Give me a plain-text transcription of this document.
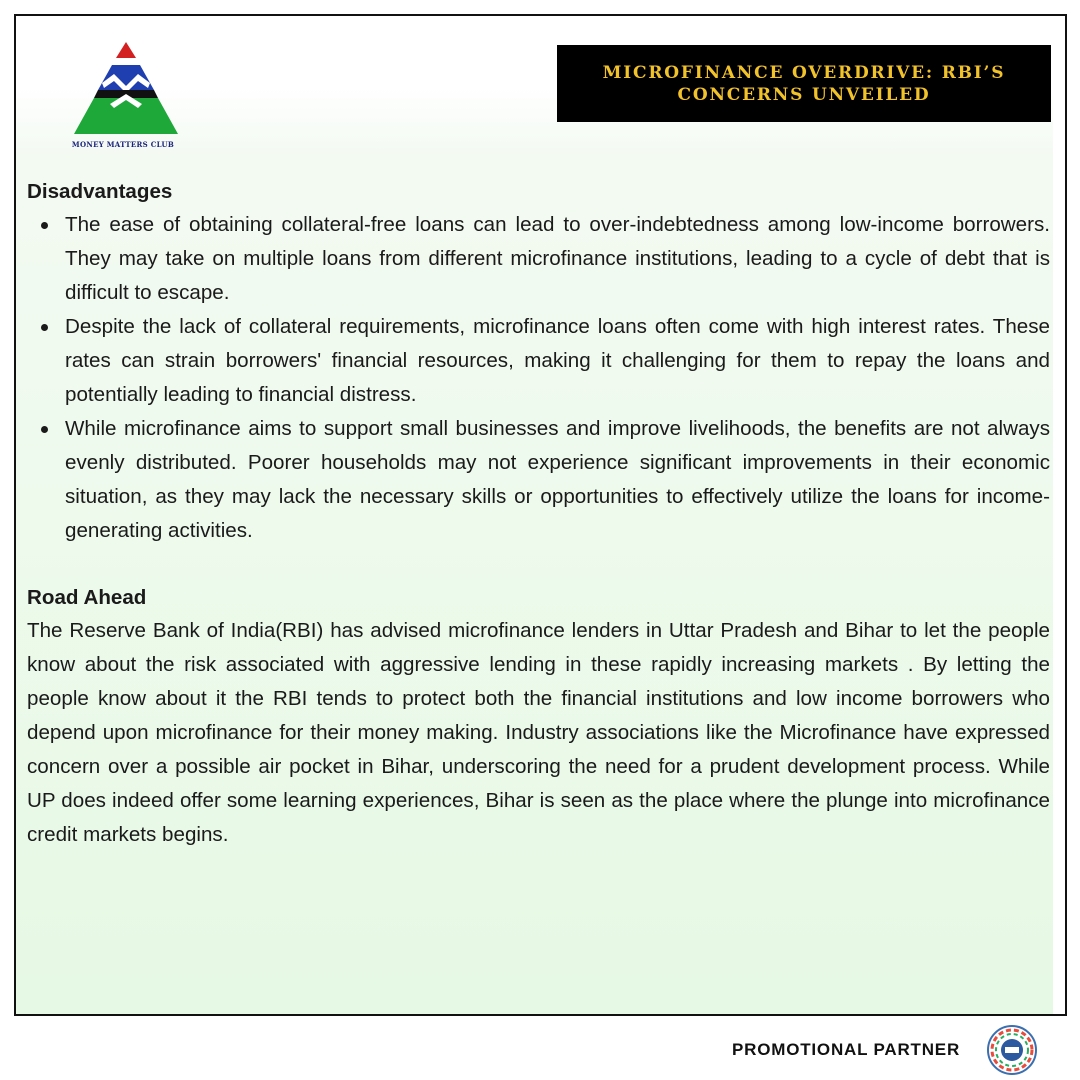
MONEY MATTERS CLUB
MICROFINANCE OVERDRIVE: RBI’S
CONCERNS UNVEILED
Disadvantages
The ease of obtaining collateral-free loans can lead to over-indebtedness among low-income borrowers. They may take on multiple loans from different microfinance institutions, leading to a cycle of debt that is difficult to escape.
Despite the lack of collateral requirements, microfinance loans often come with high interest rates. These rates can strain borrowers' financial resources, making it challenging for them to repay the loans and potentially leading to financial distress.
While microfinance aims to support small businesses and improve livelihoods, the benefits are not always evenly distributed. Poorer households may not experience significant improvements in their economic situation, as they may lack the necessary skills or opportunities to effectively utilize the loans for income-generating activities.
Road Ahead

The Reserve Bank of India(RBI) has advised microfinance lenders in Uttar Pradesh and Bihar to let the people know about the risk associated with aggressive lending in these rapidly increasing markets . By letting the people know about it the RBI tends to protect both the financial institutions and low income borrowers who depend upon microfinance for their money making. Industry associations like the Microfinance have expressed concern over a possible air pocket in Bihar, underscoring the need for a prudent development process. While UP does indeed offer some learning experiences, Bihar is seen as the place where the plunge into microfinance credit markets begins.

PROMOTIONAL PARTNER
